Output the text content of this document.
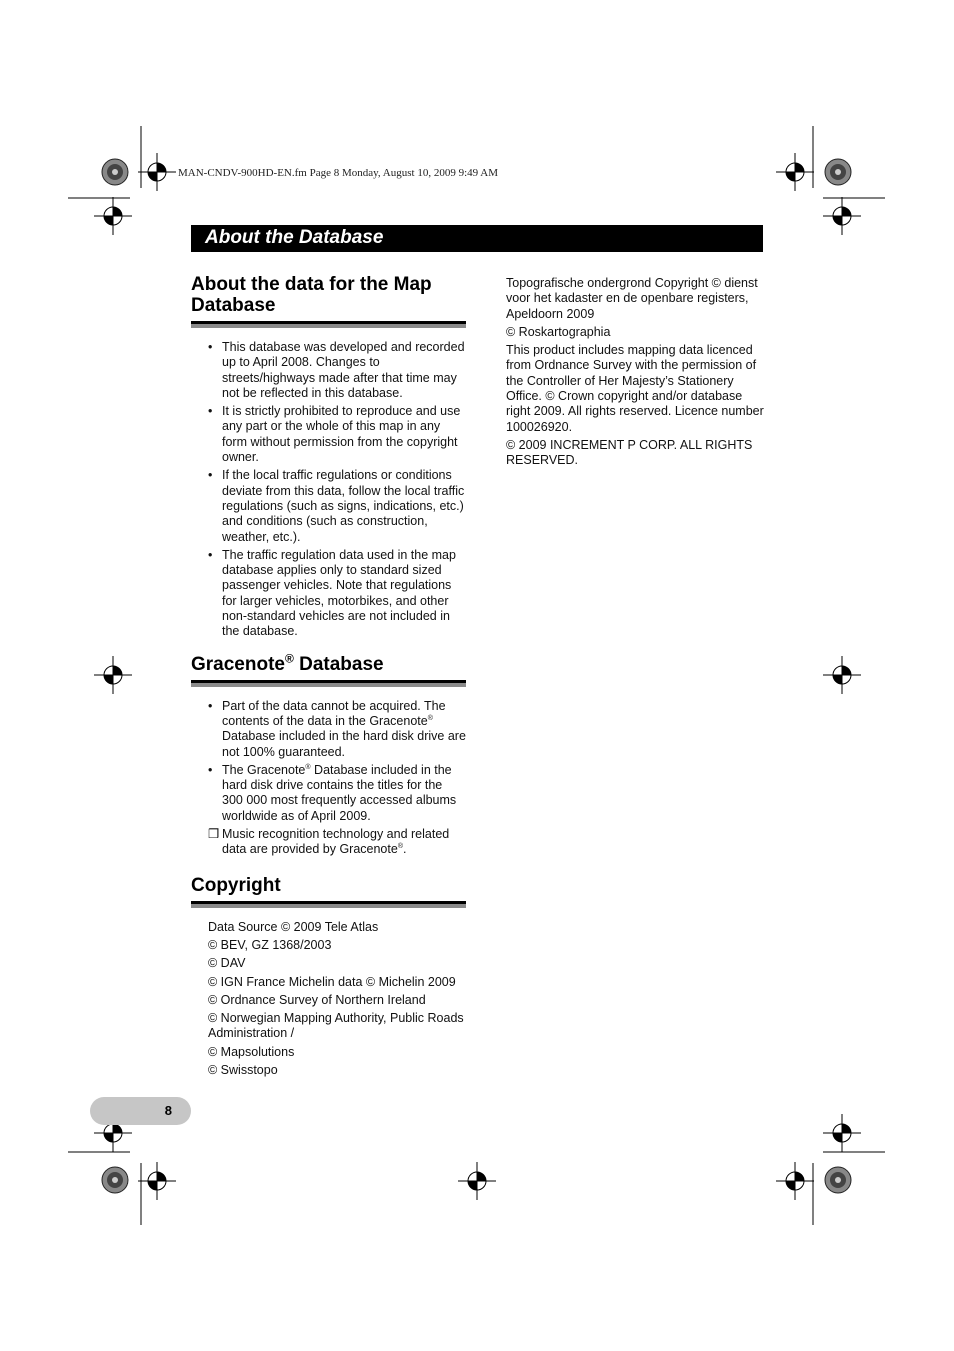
MAN-CNDV-900HD-EN.fm Page 8 Monday, August 10, 2009 9:49 AM
About the Database
About the data for the Map Database
• This database was developed and recorded up to April 2008. Changes to streets/highways made after that time may not be reflected in this database.
• It is strictly prohibited to reproduce and use any part or the whole of this map in any form without permission from the copyright owner.
• If the local traffic regulations or conditions deviate from this data, follow the local traffic regulations (such as signs, indications, etc.) and conditions (such as construction, weather, etc.).
• The traffic regulation data used in the map database applies only to standard sized passenger vehicles. Note that regulations for larger vehicles, motorbikes, and other non-standard vehicles are not included in the database.
Gracenote® Database
• Part of the data cannot be acquired. The contents of the data in the Gracenote® Database included in the hard disk drive are not 100% guaranteed.
• The Gracenote® Database included in the hard disk drive contains the titles for the 300 000 most frequently accessed albums worldwide as of April 2009.
❒ Music recognition technology and related data are provided by Gracenote®.
Copyright

Data Source © 2009 Tele Atlas

© BEV, GZ 1368/2003

© DAV

© IGN France Michelin data © Michelin 2009

© Ordnance Survey of Northern Ireland

© Norwegian Mapping Authority, Public Roads Administration /

© Mapsolutions

© Swisstopo

Topografische ondergrond Copyright © dienst voor het kadaster en de openbare registers, Apeldoorn 2009

© Roskartographia

This product includes mapping data licenced from Ordnance Survey with the permission of the Controller of Her Majesty’s Stationery Office. © Crown copyright and/or database right 2009. All rights reserved. Licence number 100026920.

© 2009 INCREMENT P CORP. ALL RIGHTS RESERVED.

8
